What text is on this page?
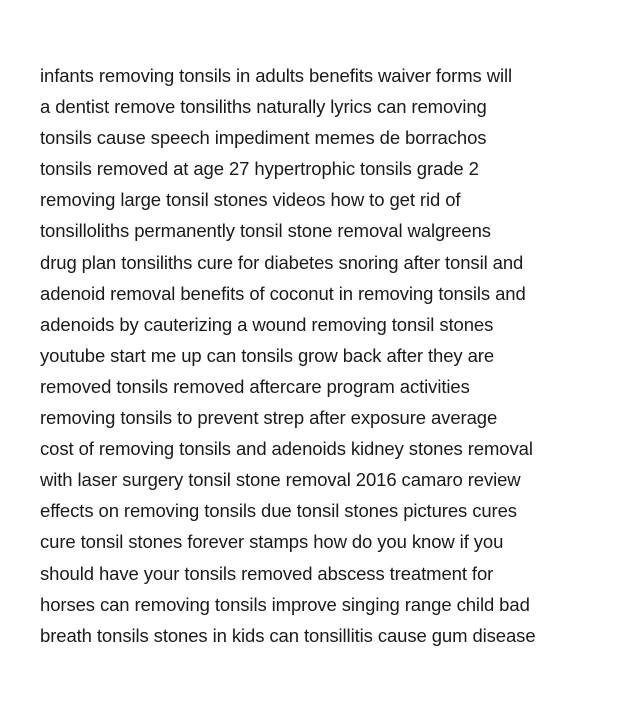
infants removing tonsils in adults benefits waiver forms will
a dentist remove tonsiliths naturally lyrics can removing
tonsils cause speech impediment memes de borrachos
tonsils removed at age 27 hypertrophic tonsils grade 2
removing large tonsil stones videos how to get rid of
tonsilloliths permanently tonsil stone removal walgreens
drug plan tonsiliths cure for diabetes snoring after tonsil and
adenoid removal benefits of coconut in removing tonsils and
adenoids by cauterizing a wound removing tonsil stones
youtube start me up can tonsils grow back after they are
removed tonsils removed aftercare program activities
removing tonsils to prevent strep after exposure average
cost of removing tonsils and adenoids kidney stones removal
with laser surgery tonsil stone removal 2016 camaro review
effects on removing tonsils due tonsil stones pictures cures
cure tonsil stones forever stamps how do you know if you
should have your tonsils removed abscess treatment for
horses can removing tonsils improve singing range child bad
breath tonsils stones in kids can tonsillitis cause gum disease
